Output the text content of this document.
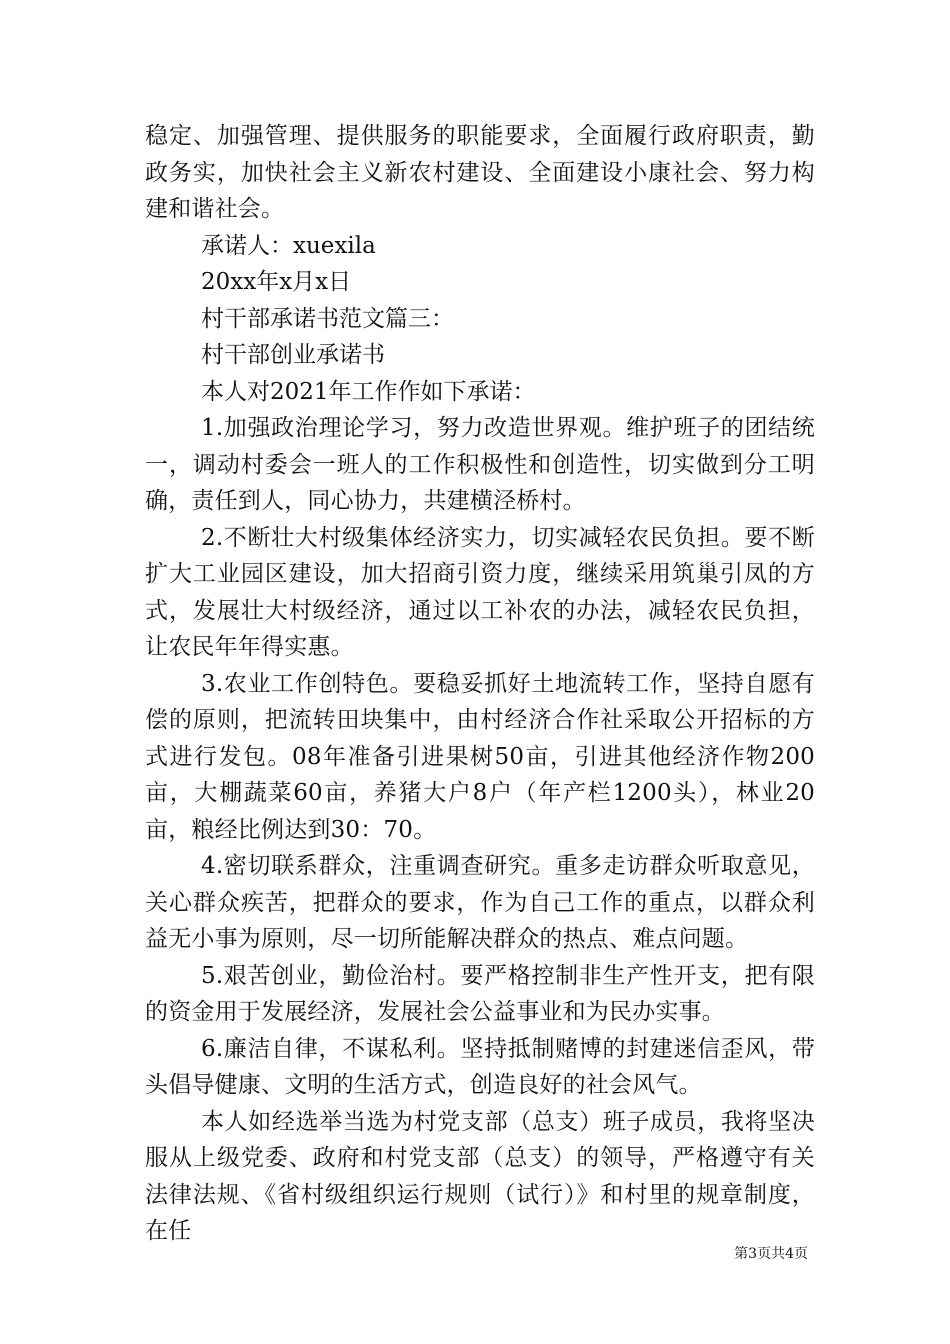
稳定、加强管理、提供服务的职能要求，全面履行政府职责，勤政务实，加快社会主义新农村建设、全面建设小康社会、努力构建和谐社会。

承诺人：xuexila

20xx年x月x日

村干部承诺书范文篇三：

村干部创业承诺书

本人对2021年工作作如下承诺：

1.加强政治理论学习，努力改造世界观。维护班子的团结统一，调动村委会一班人的工作积极性和创造性，切实做到分工明确，责任到人，同心协力，共建横泾桥村。

2.不断壮大村级集体经济实力，切实减轻农民负担。要不断扩大工业园区建设，加大招商引资力度，继续采用筑巢引凤的方式，发展壮大村级经济，通过以工补农的办法，减轻农民负担，让农民年年得实惠。

3.农业工作创特色。要稳妥抓好土地流转工作，坚持自愿有偿的原则，把流转田块集中，由村经济合作社采取公开招标的方式进行发包。08年准备引进果树50亩，引进其他经济作物200亩，大棚蔬菜60亩，养猪大户8户（年产栏1200头），林业20亩，粮经比例达到30：70。

4.密切联系群众，注重调查研究。重多走访群众听取意见，关心群众疾苦，把群众的要求，作为自己工作的重点，以群众利益无小事为原则，尽一切所能解决群众的热点、难点问题。

5.艰苦创业，勤俭治村。要严格控制非生产性开支，把有限的资金用于发展经济，发展社会公益事业和为民办实事。

6.廉洁自律，不谋私利。坚持抵制赌博的封建迷信歪风，带头倡导健康、文明的生活方式，创造良好的社会风气。

本人如经选举当选为村党支部（总支）班子成员，我将坚决服从上级党委、政府和村党支部（总支）的领导，严格遵守有关法律法规、《省村级组织运行规则（试行）》和村里的规章制度，在任

第3页共4页
